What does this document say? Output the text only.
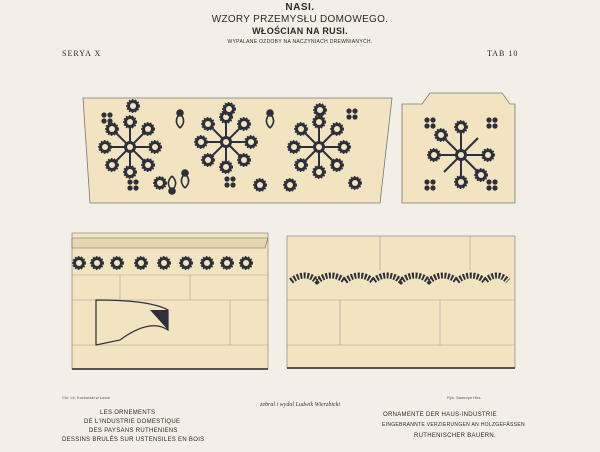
NASI.
WZORY PRZEMYSŁU DOMOWEGO.
WŁOŚCIAN NA RUSI.
WYPALANE OZDOBY NA NACZYNIACH DREWNIANYCH.
SERYA X	TAB 10
Chr. Lit. Kozlowski w Lwow	Rys. Sawczyn Hirs.
zebral i wydal Ludwik Wierzbicki
LES ORNEMENTS
DE L'INDUSTRIE DOMESTIQUE
DES PAYSANS RUTHENIENS
DESSINS BRULÉS SUR USTENSILES EN BOIS
ORNAMENTE DER HAUS-INDUSTRIE
EINGEBRANNTE VERZIERUNGEN AN HOLZGEFÄSSEN
RUTHENISCHER BAUERN.
